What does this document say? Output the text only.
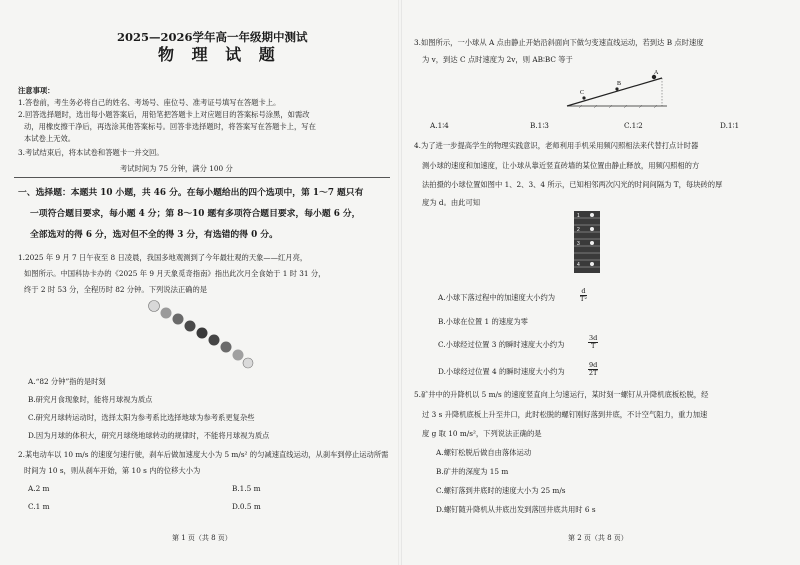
2025—2026学年高一年级期中测试
物 理 试 题
注意事项：
1.答卷前，考生务必将自己的姓名、考场号、座位号、准考证号填写在答题卡上。
2.回答选择题时，选出每小题答案后，用铅笔把答题卡上对应题目的答案标号涂黑，如需改
动，用橡皮擦干净后，再选涂其他答案标号。回答非选择题时，将答案写在答题卡上，写在
本试卷上无效。
3.考试结束后，将本试卷和答题卡一并交回。
考试时间为 75 分钟，满分 100 分
一、选择题：本题共 10 小题，共 46 分。在每小题给出的四个选项中，第 1～7 题只有
一项符合题目要求，每小题 4 分；第 8～10 题有多项符合题目要求，每小题 6 分，
全部选对的得 6 分，选对但不全的得 3 分，有选错的得 0 分。
1.2025 年 9 月 7 日午夜至 8 日凌晨，我国多地观测到了今年最壮观的天象——红月亮，
如图所示。中国科协卡办的《2025 年 9 月天象觅奇指南》指出此次月全食始于 1 时 31 分，
终于 2 时 53 分，全程历时 82 分钟。下列说法正确的是
A.“82 分钟”指的是时刻
B.研究月食现象时，能将月球视为质点
C.研究月球转运动时，选择太阳为参考系比选择地球为参考系更复杂些
D.因为月球的体积大，研究月球绕地球转动的规律时，不能将月球视为质点
2.某电动车以 10 m/s 的速度匀速行驶，刹车后做加速度大小为 5 m/s² 的匀减速直线运动，从刹车到停止运动所需
时间为 10 s，则从刹车开始，第 10 s 内的位移大小为
A.2 m	B.1.5 m
C.1 m	D.0.5 m
第 1 页（共 8 页）
3.如图所示，一小球从 A 点由静止开始沿斜面向下做匀变速直线运动，若到达 B 点时速度
为 v，到达 C 点时速度为 2v，则 AB∶BC 等于
A
B
C
A.1∶4	B.1∶3	C.1∶2	D.1∶1
4.为了进一步提高学生的物理实践意识，老师利用手机采用频闪照相法来代替打点计时器
测小球的速度和加速度，让小球从靠近竖直砖墙的某位置由静止释放，用频闪照相的方
法拍摄的小球位置如图中 1、2、3、4 所示，已知相邻两次闪光的时间间隔为 T，每块砖的厚
度为 d。由此可知
1
2
3
4
A.小球下落过程中的加速度大小约为	$\frac{d}{\text{T²}}$
B.小球在位置 1 的速度为零
C.小球经过位置 3 的瞬时速度大小约为	$\frac{3d}{T}$
D.小球经过位置 4 的瞬时速度大小约为	$\frac{9d}{2T}$
5.矿井中的升降机以 5 m/s 的速度竖直向上匀速运行，某时刻一螺钉从升降机底板松脱，经
过 3 s 升降机底板上升至井口，此时松脱的螺钉刚好落到井底，不计空气阻力，重力加速
度 g 取 10 m/s²，下列说法正确的是
A.螺钉松脱后做自由落体运动
B.矿井的深度为 15 m
C.螺钉落到井底时的速度大小为 25 m/s
D.螺钉随升降机从井底出发到落回井底共用时 6 s
第 2 页（共 8 页）
